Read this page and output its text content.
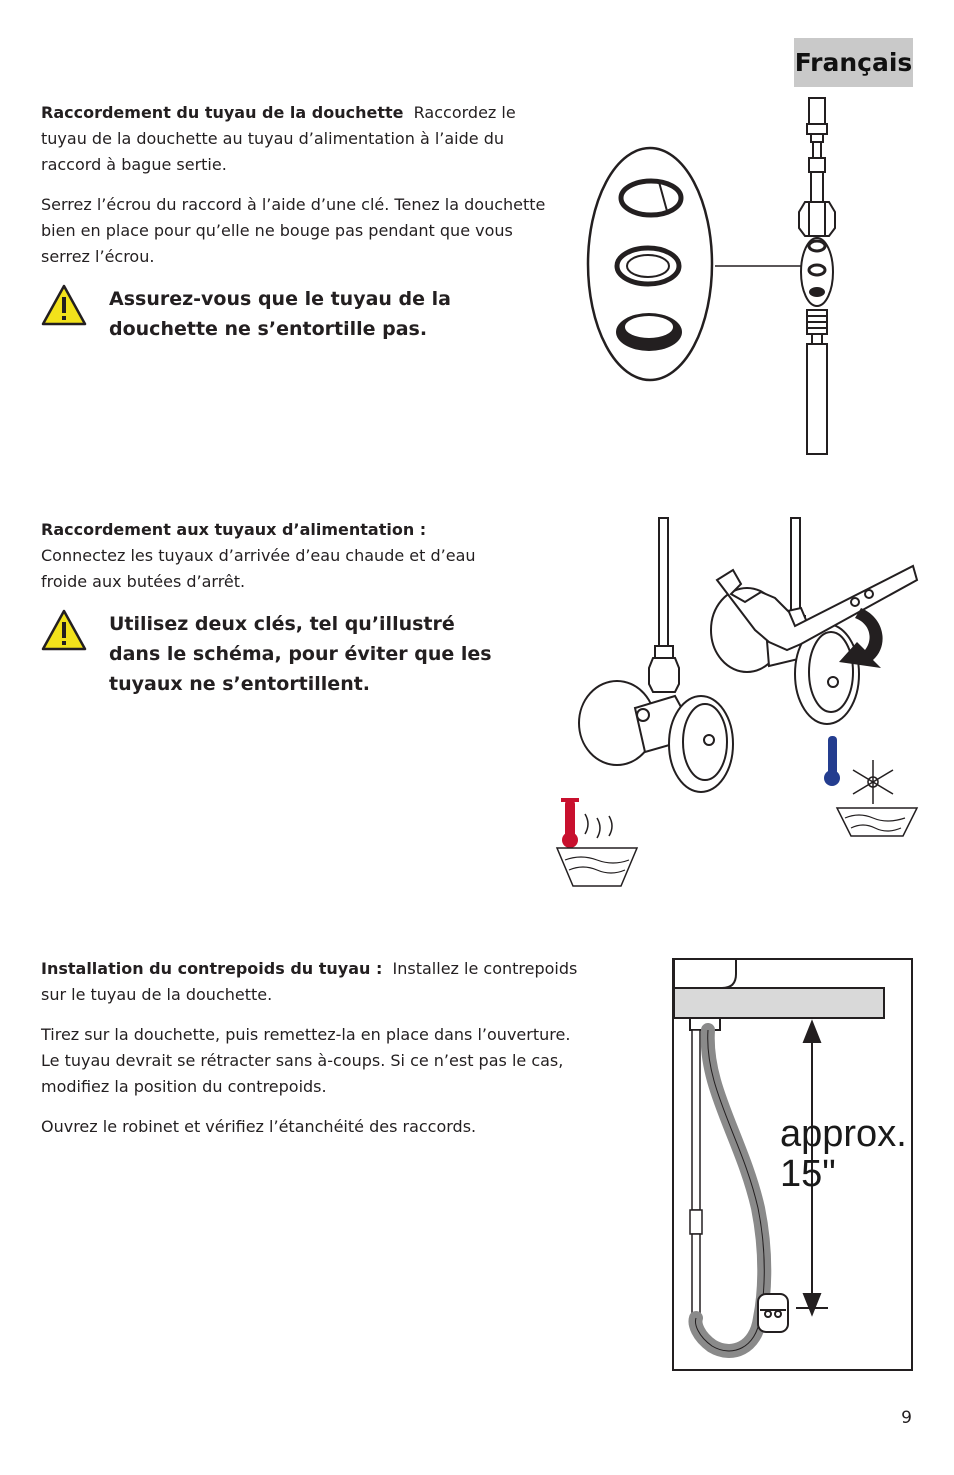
Français

Raccordement du tuyau de la douchette Raccordez le tuyau de la douchette au tuyau d’alimentation à l’aide du raccord à bague sertie.

Serrez l’écrou du raccord à l’aide d’une clé. Tenez la douchette bien en place pour qu’elle ne bouge pas pendant que vous serrez l’écrou.

Assurez-vous que le tuyau de la douchette ne s’entortille pas.

Raccordement aux tuyaux d’alimentation :
Connectez les tuyaux d’arrivée d’eau chaude et d’eau froide aux butées d’arrêt.

Utilisez deux clés, tel qu’illustré dans le schéma, pour éviter que les tuyaux ne s’entortillent.

Installation du contrepoids du tuyau : Installez le contrepoids sur le tuyau de la douchette.

Tirez sur la douchette, puis remettez-la en place dans l’ouverture. Le tuyau devrait se rétracter sans à-coups. Si ce n’est pas le cas, modifiez la position du contrepoids.

Ouvrez le robinet et vérifiez l’étanchéité des raccords.	approx.
15"
9
